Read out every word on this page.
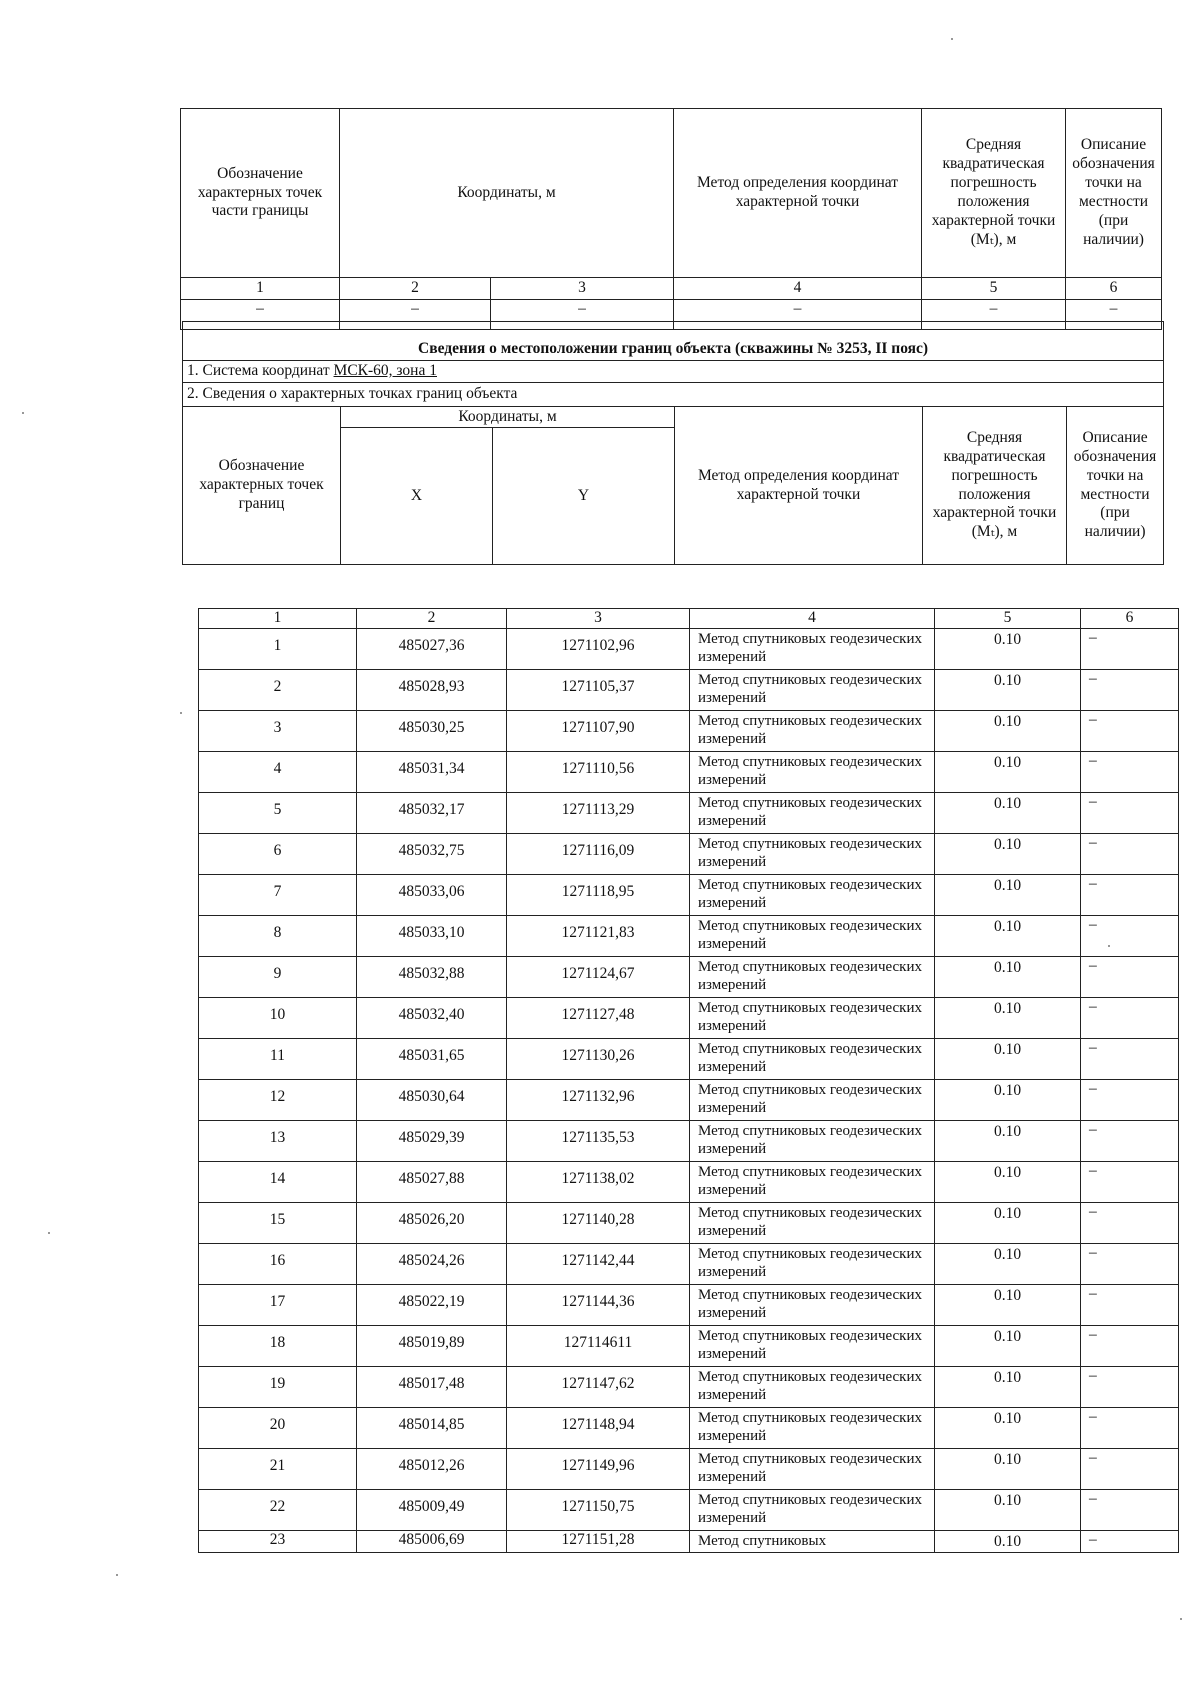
Обозначение характерных точек части границы	Координаты, м		Метод определения координат характерной точки	Средняя квадратическая погрешность положения характерной точки (Mₜ), м	Описание обозначения точки на местности (при наличии)
1	2	3	4	5	6
–	–	–	–	–	–
Сведения о местоположении границ объекта (скважины № 3253, II пояс)					
1. Система координат МСК-60, зона 1					
2. Сведения о характерных точках границ объекта					
Обозначение характерных точек границ	Координаты, м		Метод определения координат характерной точки	Средняя квадратическая погрешность положения характерной точки (Mₜ), м	Описание обозначения точки на местности (при наличии)
	X	Y			
1	2	3	4	5	6
1	485027,36	1271102,96	Метод спутниковых геодезических измерений	0.10	–
2	485028,93	1271105,37	Метод спутниковых геодезических измерений	0.10	–
3	485030,25	1271107,90	Метод спутниковых геодезических измерений	0.10	–
4	485031,34	1271110,56	Метод спутниковых геодезических измерений	0.10	–
5	485032,17	1271113,29	Метод спутниковых геодезических измерений	0.10	–
6	485032,75	1271116,09	Метод спутниковых геодезических измерений	0.10	–
7	485033,06	1271118,95	Метод спутниковых геодезических измерений	0.10	–
8	485033,10	1271121,83	Метод спутниковых геодезических измерений	0.10	–
9	485032,88	1271124,67	Метод спутниковых геодезических измерений	0.10	–
10	485032,40	1271127,48	Метод спутниковых геодезических измерений	0.10	–
11	485031,65	1271130,26	Метод спутниковых геодезических измерений	0.10	–
12	485030,64	1271132,96	Метод спутниковых геодезических измерений	0.10	–
13	485029,39	1271135,53	Метод спутниковых геодезических измерений	0.10	–
14	485027,88	1271138,02	Метод спутниковых геодезических измерений	0.10	–
15	485026,20	1271140,28	Метод спутниковых геодезических измерений	0.10	–
16	485024,26	1271142,44	Метод спутниковых геодезических измерений	0.10	–
17	485022,19	1271144,36	Метод спутниковых геодезических измерений	0.10	–
18	485019,89	127114611	Метод спутниковых геодезических измерений	0.10	–
19	485017,48	1271147,62	Метод спутниковых геодезических измерений	0.10	–
20	485014,85	1271148,94	Метод спутниковых геодезических измерений	0.10	–
21	485012,26	1271149,96	Метод спутниковых геодезических измерений	0.10	–
22	485009,49	1271150,75	Метод спутниковых геодезических измерений	0.10	–
23	485006,69	1271151,28	Метод спутниковых	0.10	–
